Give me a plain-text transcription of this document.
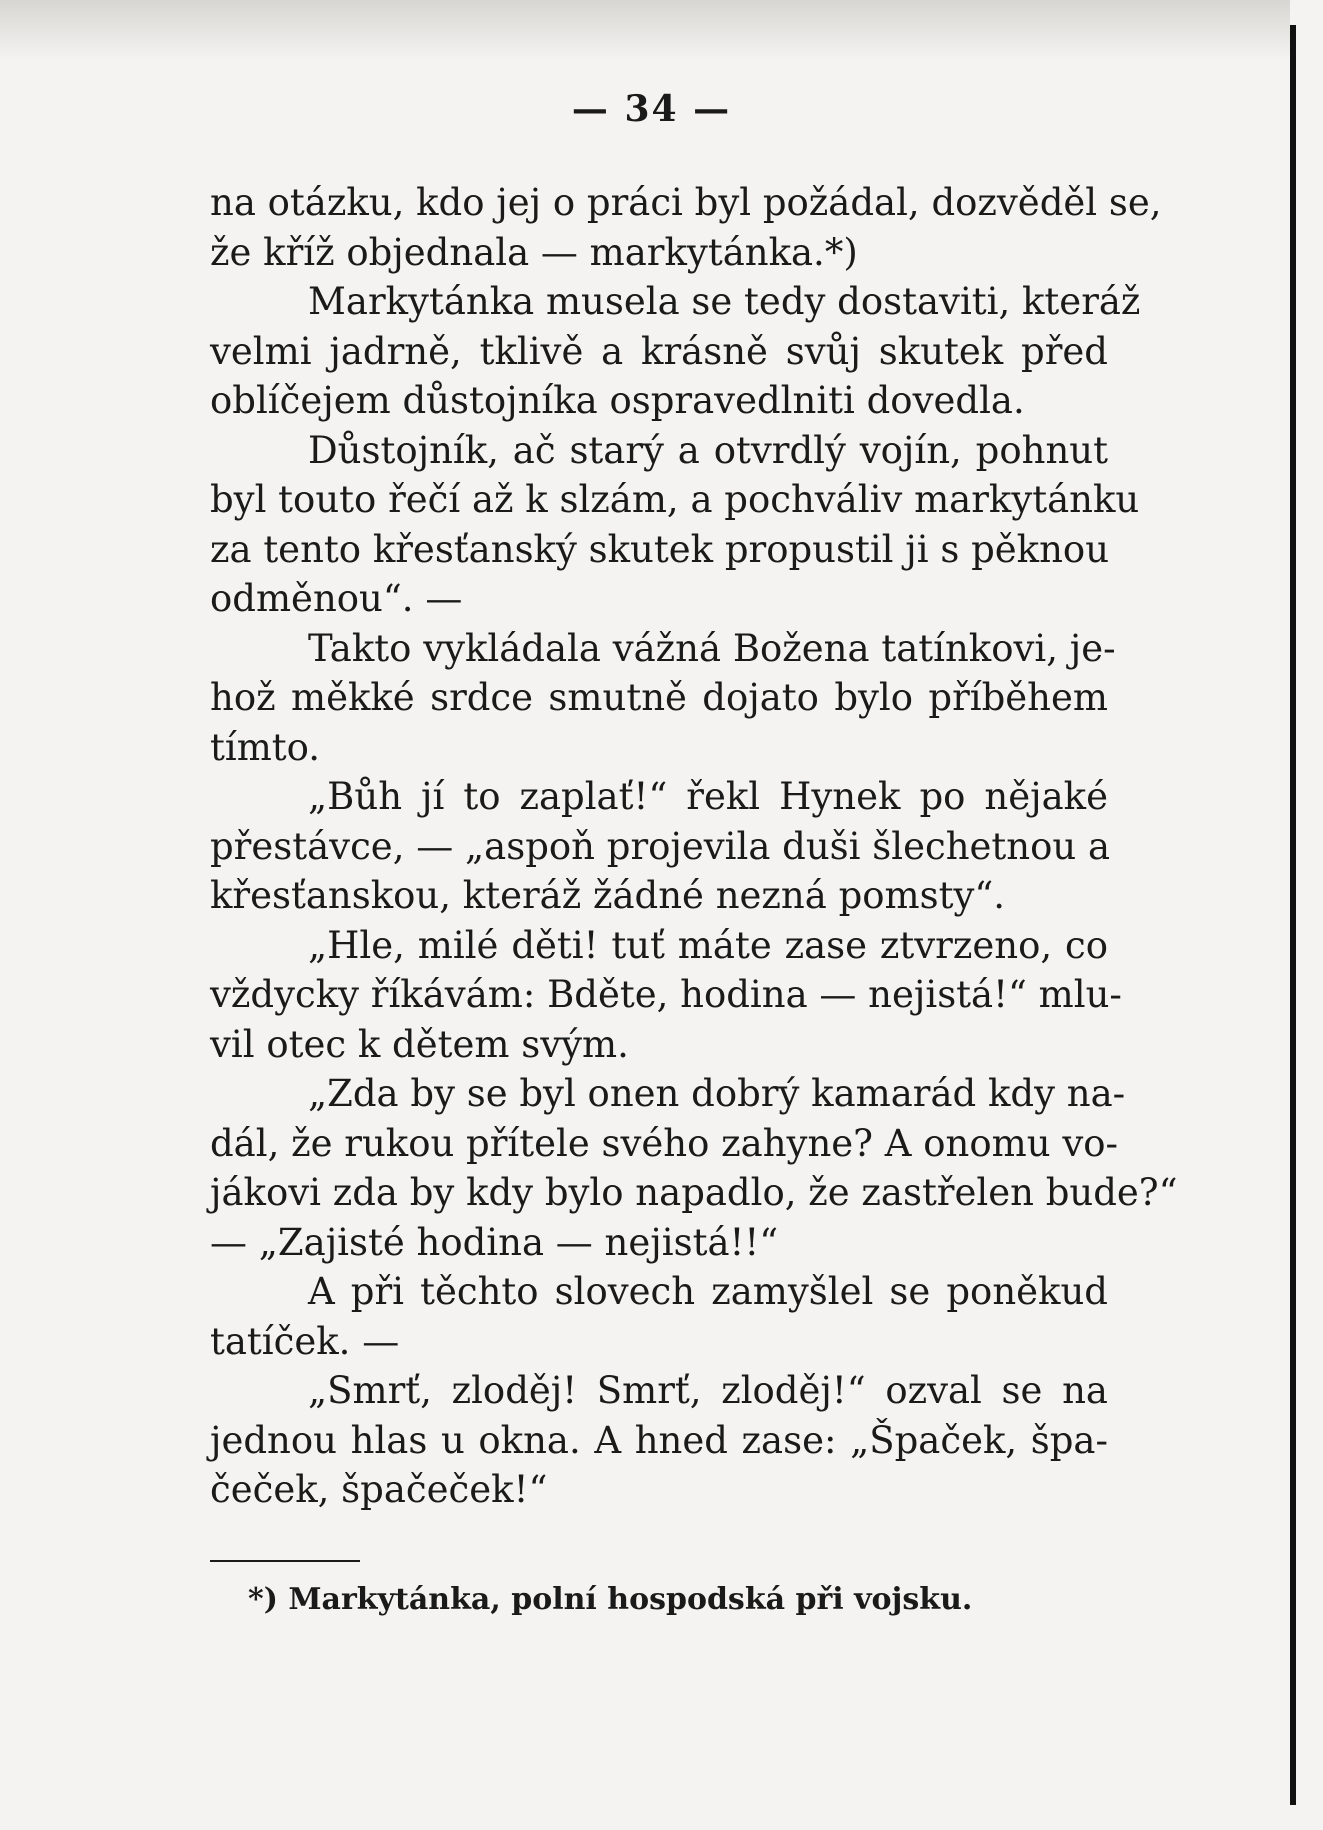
— 34 —

na otázku, kdo jej o práci byl požádal, dozvěděl se,
že kříž objednala — markytánka.*)

Markytánka musela se tedy dostaviti, kteráž
velmi jadrně, tklivě a krásně svůj skutek před
oblíčejem důstojníka ospravedlniti dovedla.

Důstojník, ač starý a otvrdlý vojín, pohnut
byl touto řečí až k slzám, a pochváliv markytánku
za tento křesťanský skutek propustil ji s pěknou
odměnou“. —

Takto vykládala vážná Božena tatínkovi, je-
hož měkké srdce smutně dojato bylo příběhem
tímto.

„Bůh jí to zaplať!“ řekl Hynek po nějaké
přestávce, — „aspoň projevila duši šlechetnou a
křesťanskou, kteráž žádné nezná pomsty“.

„Hle, milé děti! tuť máte zase ztvrzeno, co
vždycky říkávám: Bděte, hodina — nejistá!“ mlu-
vil otec k dětem svým.

„Zda by se byl onen dobrý kamarád kdy na-
dál, že rukou přítele svého zahyne? A onomu vo-
jákovi zda by kdy bylo napadlo, že zastřelen bude?“
— „Zajisté hodina — nejistá!!“

A při těchto slovech zamyšlel se poněkud
tatíček. —

„Smrť, zloděj! Smrť, zloděj!“ ozval se na
jednou hlas u okna. A hned zase: „Špaček, špa-
čeček, špačeček!“

*) Markytánka, polní hospodská při vojsku.
